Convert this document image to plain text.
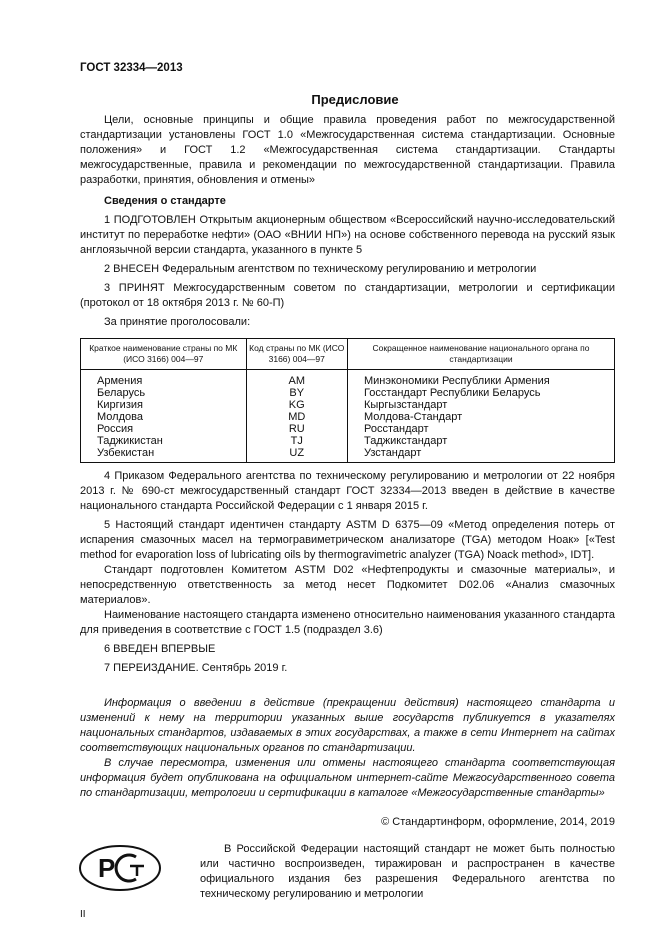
ГОСТ 32334—2013
Предисловие
Цели, основные принципы и общие правила проведения работ по межгосударственной стандартизации установлены ГОСТ 1.0 «Межгосударственная система стандартизации. Основные положения» и ГОСТ 1.2 «Межгосударственная система стандартизации. Стандарты межгосударственные, правила и рекомендации по межгосударственной стандартизации. Правила разработки, принятия, обновления и отмены»
Сведения о стандарте
1 ПОДГОТОВЛЕН Открытым акционерным обществом «Всероссийский научно-исследовательский институт по переработке нефти» (ОАО «ВНИИ НП») на основе собственного перевода на русский язык англоязычной версии стандарта, указанного в пункте 5
2 ВНЕСЕН Федеральным агентством по техническому регулированию и метрологии
3 ПРИНЯТ Межгосударственным советом по стандартизации, метрологии и сертификации (протокол от 18 октября 2013 г. № 60-П)
За принятие проголосовали:
Краткое наименование страны по МК (ИСО 3166) 004—97	Код страны по МК (ИСО 3166) 004—97	Сокращенное наименование национального органа по стандартизации
Армения	AM	Минэкономики Республики Армения
Беларусь	BY	Госстандарт Республики Беларусь
Киргизия	KG	Кыргызстандарт
Молдова	MD	Молдова-Стандарт
Россия	RU	Росстандарт
Таджикистан	TJ	Таджикстандарт
Узбекистан	UZ	Узстандарт
4 Приказом Федерального агентства по техническому регулированию и метрологии от 22 ноября 2013 г. № 690-ст межгосударственный стандарт ГОСТ 32334—2013 введен в действие в качестве национального стандарта Российской Федерации с 1 января 2015 г.
5 Настоящий стандарт идентичен стандарту ASTM D 6375—09 «Метод определения потерь от испарения смазочных масел на термогравиметрическом анализаторе (TGA) методом Ноак» [«Test method for evaporation loss of lubricating oils by thermogravimetric analyzer (TGA) Noack method», IDT].
Стандарт подготовлен Комитетом ASTM D02 «Нефтепродукты и смазочные материалы», и непосредственную ответственность за метод несет Подкомитет D02.06 «Анализ смазочных материалов».
Наименование настоящего стандарта изменено относительно наименования указанного стандарта для приведения в соответствие с ГОСТ 1.5 (подраздел 3.6)
6 ВВЕДЕН ВПЕРВЫЕ
7 ПЕРЕИЗДАНИЕ. Сентябрь 2019 г.
Информация о введении в действие (прекращении действия) настоящего стандарта и изменений к нему на территории указанных выше государств публикуется в указателях национальных стандартов, издаваемых в этих государствах, а также в сети Интернет на сайтах соответствующих национальных органов по стандартизации.
В случае пересмотра, изменения или отмены настоящего стандарта соответствующая информация будет опубликована на официальном интернет-сайте Межгосударственного совета по стандартизации, метрологии и сертификации в каталоге «Межгосударственные стандарты»
© Стандартинформ, оформление, 2014, 2019
P
В Российской Федерации настоящий стандарт не может быть полностью или частично воспроизведен, тиражирован и распространен в качестве официального издания без разрешения Федерального агентства по техническому регулированию и метрологии
II
